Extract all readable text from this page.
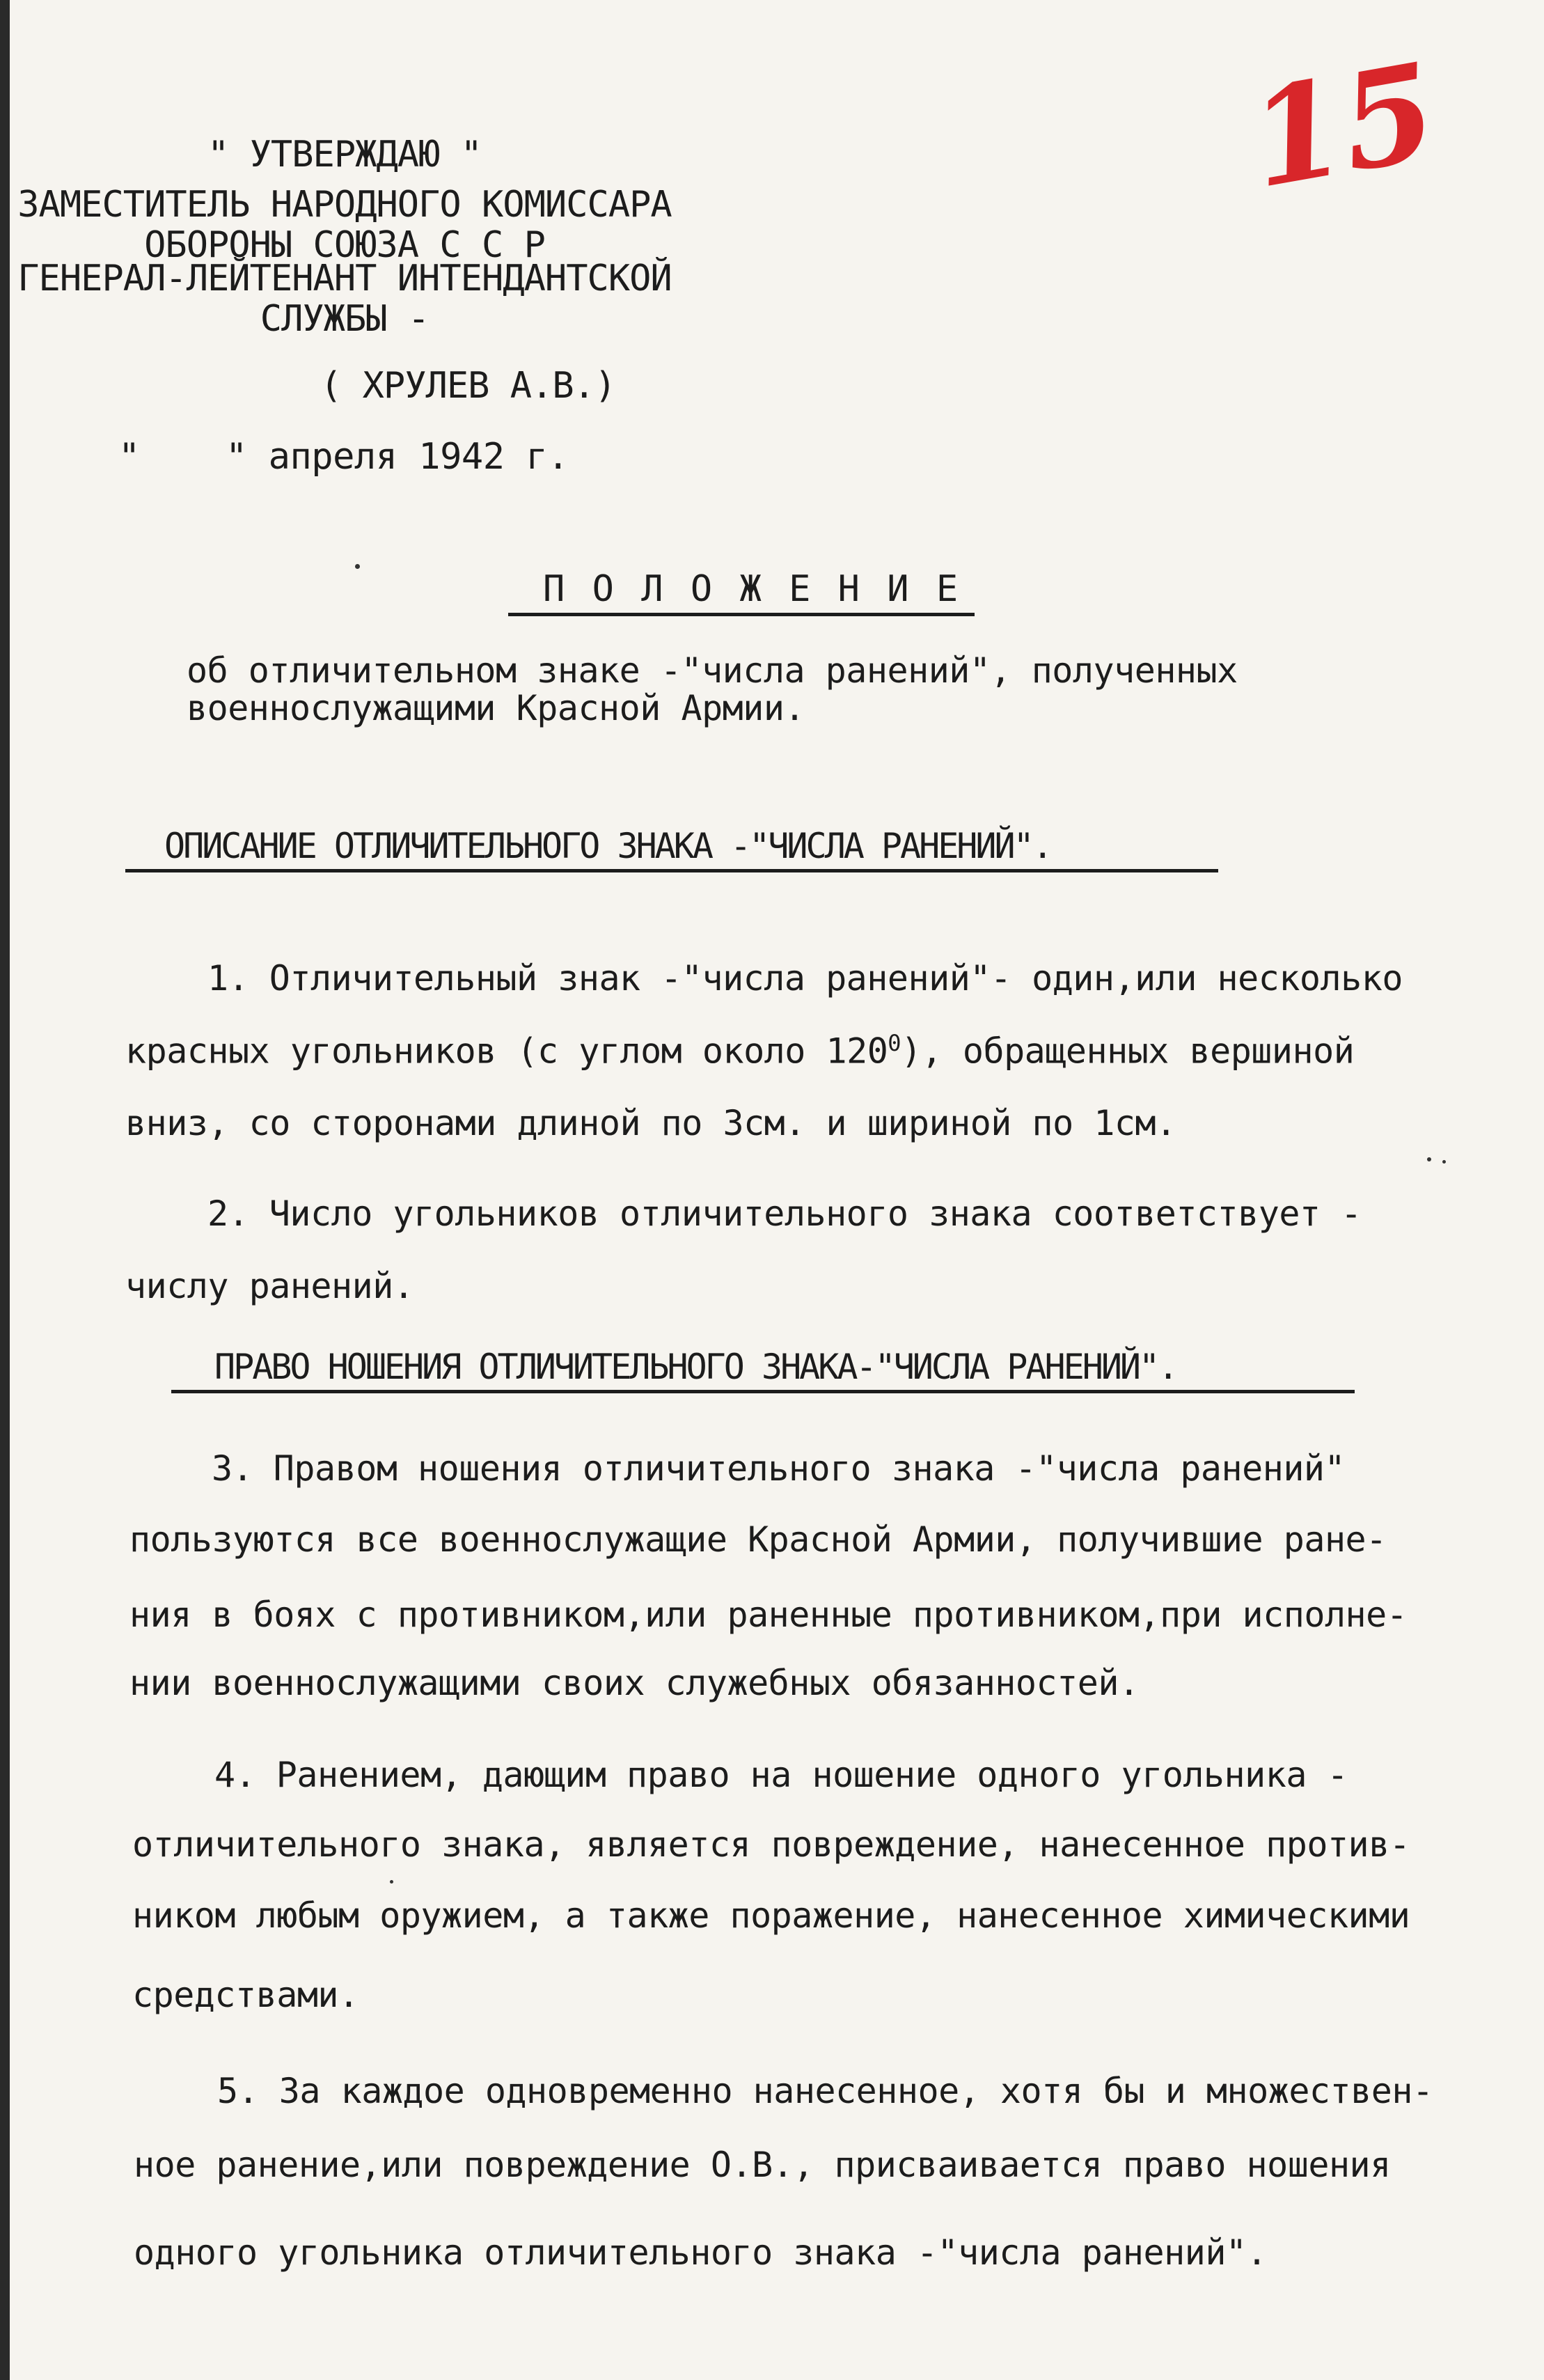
" УТВЕРЖДАЮ "
ЗАМЕСТИТЕЛЬ НАРОДНОГО КОМИССАРА
ОБОРОНЫ СОЮЗА С С Р
ГЕНЕРАЛ-ЛЕЙТЕНАНТ ИНТЕНДАНТСКОЙ
СЛУЖБЫ -
( ХРУЛЕВ А.В.)
"    " апреля 1942 г.
15
П О Л О Ж Е Н И Е
об отличительном знаке -"числа ранений", полученных
военнослужащими Красной Армии.
ОПИСАНИЕ ОТЛИЧИТЕЛЬНОГО ЗНАКА -"ЧИСЛА РАНЕНИЙ".
1. Отличительный знак -"числа ранений"- один,или несколько
красных угольников (с углом около $120^0$), обращенных вершиной
вниз, со сторонами длиной по 3см. и шириной по 1см.
2. Число угольников отличительного знака соответствует -
числу ранений.
ПРАВО НОШЕНИЯ ОТЛИЧИТЕЛЬНОГО ЗНАКА-"ЧИСЛА РАНЕНИЙ".
3. Правом ношения отличительного знака -"числа ранений"
пользуются все военнослужащие Красной Армии, получившие ране-
ния в боях с противником,или раненные противником,при исполне-
нии военнослужащими своих служебных обязанностей.
4. Ранением, дающим право на ношение одного угольника -
отличительного знака, является повреждение, нанесенное против-
ником любым оружием, а также поражение, нанесенное химическими
средствами.
5. За каждое одновременно нанесенное, хотя бы и множествен-
ное ранение,или повреждение О.В., присваивается право ношения
одного угольника отличительного знака -"числа ранений".
